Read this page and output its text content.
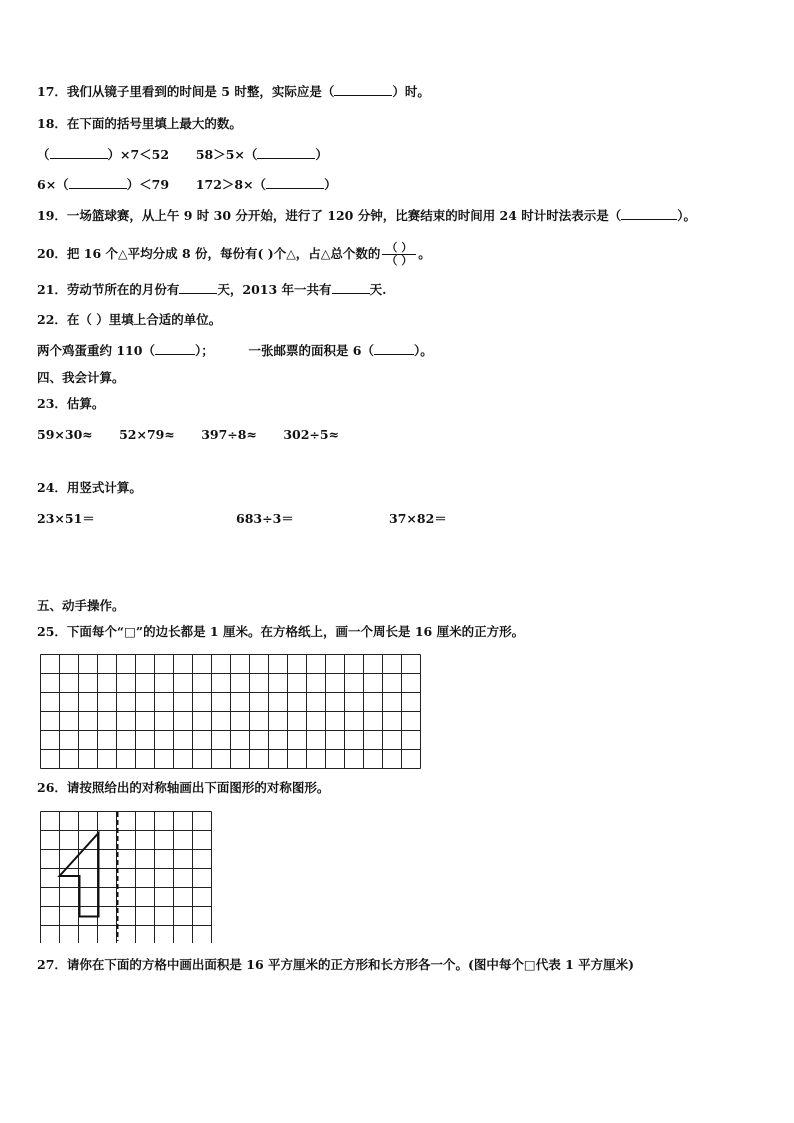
17．我们从镜子里看到的时间是 5 时整，实际应是（	）时。
18．在下面的括号里填上最大的数。
（	）×7＜52 58＞5×（	）
6×（	）＜79 172＞8×（	）
19．一场篮球赛，从上午 9 时 30 分开始，进行了 120 分钟，比赛结束的时间用 24 时计时法表示是（	）。
20．把 16 个△平均分成 8 份，每份有( )个△，占△总个数的 $\frac{( )}{( )}$ 。
21．劳动节所在的月份有	天，2013 年一共有	天.
22．在（ ）里填上合适的单位。
两个鸡蛋重约 110（	）；	一张邮票的面积是 6（	）。
四、我会计算。
23．估算。
59×30≈ 52×79≈ 397÷8≈ 302÷5≈
24．用竖式计算。
23×51＝	683÷3＝	37×82＝
五、动手操作。
25．下面每个“□”的边长都是 1 厘米。在方格纸上，画一个周长是 16 厘米的正方形。
26．请按照给出的对称轴画出下面图形的对称图形。
27．请你在下面的方格中画出面积是 16 平方厘米的正方形和长方形各一个。(图中每个□代表 1 平方厘米)
